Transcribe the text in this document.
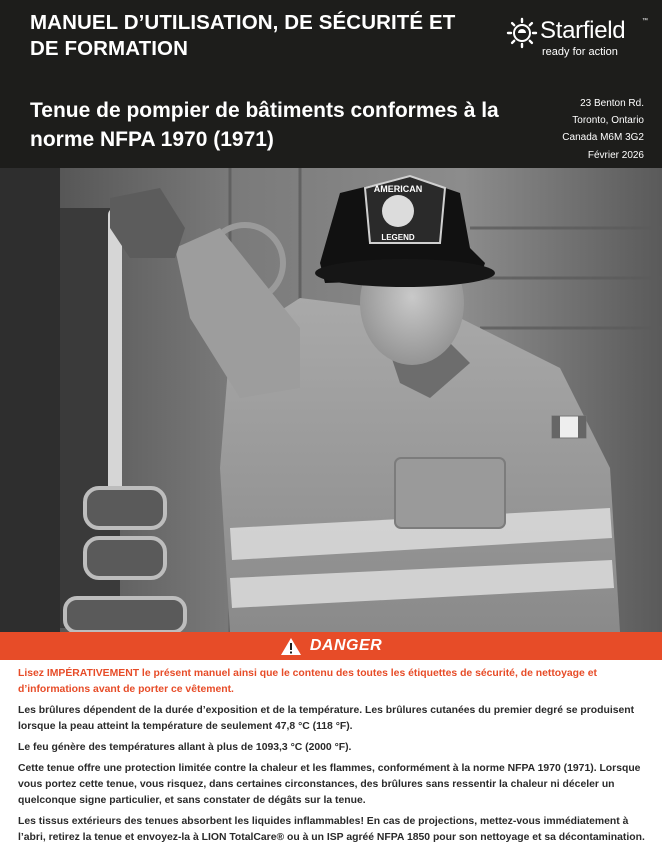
MANUEL D’UTILISATION, DE SÉCURITÉ ET DE FORMATION
Tenue de pompier de bâtiments conformes à la norme NFPA 1970 (1971)
Starfield	™
ready for action
23 Benton Rd.
Toronto, Ontario
Canada M6M 3G2
Février 2026
AMERICAN
LEGEND
DANGER

Lisez IMPÉRATIVEMENT le présent manuel ainsi que le contenu des toutes les étiquettes de sécurité, de nettoyage et d’informations avant de porter ce vêtement.

Les brûlures dépendent de la durée d’exposition et de la température. Les brûlures cutanées du premier degré se produisent lorsque la peau atteint la température de seulement 47,8 °C (118 °F).

Le feu génère des températures allant à plus de 1093,3 °C (2000 °F).

Cette tenue offre une protection limitée contre la chaleur et les flammes, conformément à la norme NFPA 1970 (1971). Lorsque vous portez cette tenue, vous risquez, dans certaines circonstances, des brûlures sans ressentir la chaleur ni déceler un quelconque signe particulier, et sans constater de dégâts sur la tenue.

Les tissus extérieurs des tenues absorbent les liquides inflammables! En cas de projections, mettez-vous immédiatement à l’abri, retirez la tenue et envoyez-la à LION TotalCare® ou à un ISP agréé NFPA 1850 pour son nettoyage et sa décontamination.
